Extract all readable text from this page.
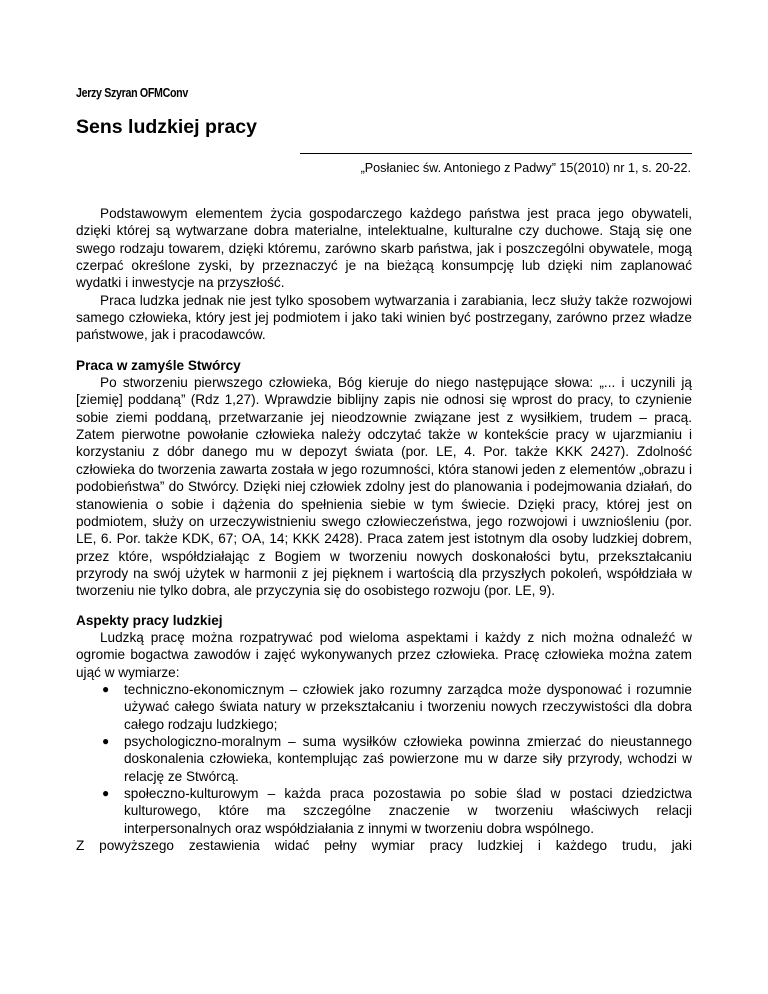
Jerzy Szyran OFMConv
Sens ludzkiej pracy
„Posłaniec św. Antoniego z Padwy” 15(2010) nr 1, s. 20-22.

Podstawowym elementem życia gospodarczego każdego państwa jest praca jego obywateli, dzięki której są wytwarzane dobra materialne, intelektualne, kulturalne czy duchowe. Stają się one swego rodzaju towarem, dzięki któremu, zarówno skarb państwa, jak i poszczególni obywatele, mogą czerpać określone zyski, by przeznaczyć je na bieżącą konsumpcję lub dzięki nim zaplanować wydatki i inwestycje na przyszłość.

Praca ludzka jednak nie jest tylko sposobem wytwarzania i zarabiania, lecz służy także rozwojowi samego człowieka, który jest jej podmiotem i jako taki winien być postrzegany, zarówno przez władze państwowe, jak i pracodawców.

Praca w zamyśle Stwórcy

Po stworzeniu pierwszego człowieka, Bóg kieruje do niego następujące słowa: „... i uczynili ją [ziemię] poddaną” (Rdz 1,27). Wprawdzie biblijny zapis nie odnosi się wprost do pracy, to czynienie sobie ziemi poddaną, przetwarzanie jej nieodzownie związane jest z wysiłkiem, trudem – pracą. Zatem pierwotne powołanie człowieka należy odczytać także w kontekście pracy w ujarzmianiu i korzystaniu z dóbr danego mu w depozyt świata (por. LE, 4. Por. także KKK 2427). Zdolność człowieka do tworzenia zawarta została w jego rozumności, która stanowi jeden z elementów „obrazu i podobieństwa” do Stwórcy. Dzięki niej człowiek zdolny jest do planowania i podejmowania działań, do stanowienia o sobie i dążenia do spełnienia siebie w tym świecie. Dzięki pracy, której jest on podmiotem, służy on urzeczywistnieniu swego człowieczeństwa, jego rozwojowi i uwzniośleniu (por. LE, 6. Por. także KDK, 67; OA, 14; KKK 2428). Praca zatem jest istotnym dla osoby ludzkiej dobrem, przez które, współdziałając z Bogiem w tworzeniu nowych doskonałości bytu, przekształcaniu przyrody na swój użytek w harmonii z jej pięknem i wartością dla przyszłych pokoleń, współdziała w tworzeniu nie tylko dobra, ale przyczynia się do osobistego rozwoju (por. LE, 9).

Aspekty pracy ludzkiej

Ludzką pracę można rozpatrywać pod wieloma aspektami i każdy z nich można odnaleźć w ogromie bogactwa zawodów i zajęć wykonywanych przez człowieka. Pracę człowieka można zatem ująć w wymiarze:

● techniczno-ekonomicznym – człowiek jako rozumny zarządca może dysponować i rozumnie używać całego świata natury w przekształcaniu i tworzeniu nowych rzeczywistości dla dobra całego rodzaju ludzkiego;
● psychologiczno-moralnym – suma wysiłków człowieka powinna zmierzać do nieustannego doskonalenia człowieka, kontemplując zaś powierzone mu w darze siły przyrody, wchodzi w relację ze Stwórcą.
● społeczno-kulturowym – każda praca pozostawia po sobie ślad w postaci dziedzictwa kulturowego, które ma szczególne znaczenie w tworzeniu właściwych relacji interpersonalnych oraz współdziałania z innymi w tworzeniu dobra wspólnego.

Z powyższego zestawienia widać pełny wymiar pracy ludzkiej i każdego trudu, jaki
